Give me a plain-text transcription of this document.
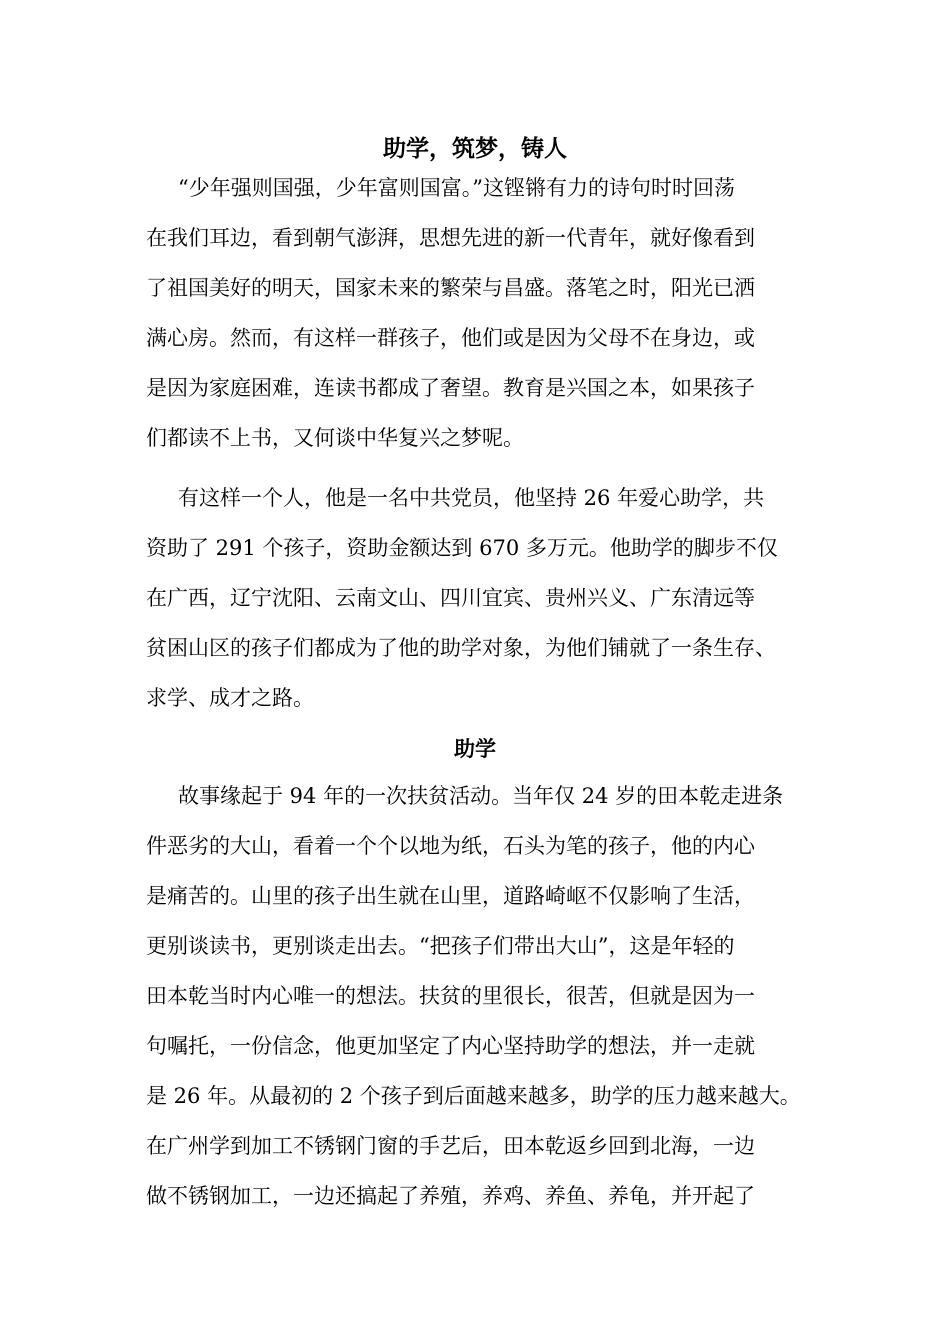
助学，筑梦，铸人

“少年强则国强，少年富则国富。”这铿锵有力的诗句时时回荡

在我们耳边，看到朝气澎湃，思想先进的新一代青年，就好像看到

了祖国美好的明天，国家未来的繁荣与昌盛。落笔之时，阳光已洒

满心房。然而，有这样一群孩子，他们或是因为父母不在身边，或

是因为家庭困难，连读书都成了奢望。教育是兴国之本，如果孩子

们都读不上书，又何谈中华复兴之梦呢。

有这样一个人，他是一名中共党员，他坚持 26 年爱心助学，共

资助了 291 个孩子，资助金额达到 670 多万元。他助学的脚步不仅

在广西，辽宁沈阳、云南文山、四川宜宾、贵州兴义、广东清远等

贫困山区的孩子们都成为了他的助学对象，为他们铺就了一条生存、

求学、成才之路。

助学

故事缘起于 94 年的一次扶贫活动。当年仅 24 岁的田本乾走进条

件恶劣的大山，看着一个个以地为纸，石头为笔的孩子，他的内心

是痛苦的。山里的孩子出生就在山里，道路崎岖不仅影响了生活，

更别谈读书，更别谈走出去。“把孩子们带出大山”，这是年轻的

田本乾当时内心唯一的想法。扶贫的里很长，很苦，但就是因为一

句嘱托，一份信念，他更加坚定了内心坚持助学的想法，并一走就

是 26 年。从最初的 2 个孩子到后面越来越多，助学的压力越来越大。

在广州学到加工不锈钢门窗的手艺后，田本乾返乡回到北海，一边

做不锈钢加工，一边还搞起了养殖，养鸡、养鱼、养龟，并开起了
